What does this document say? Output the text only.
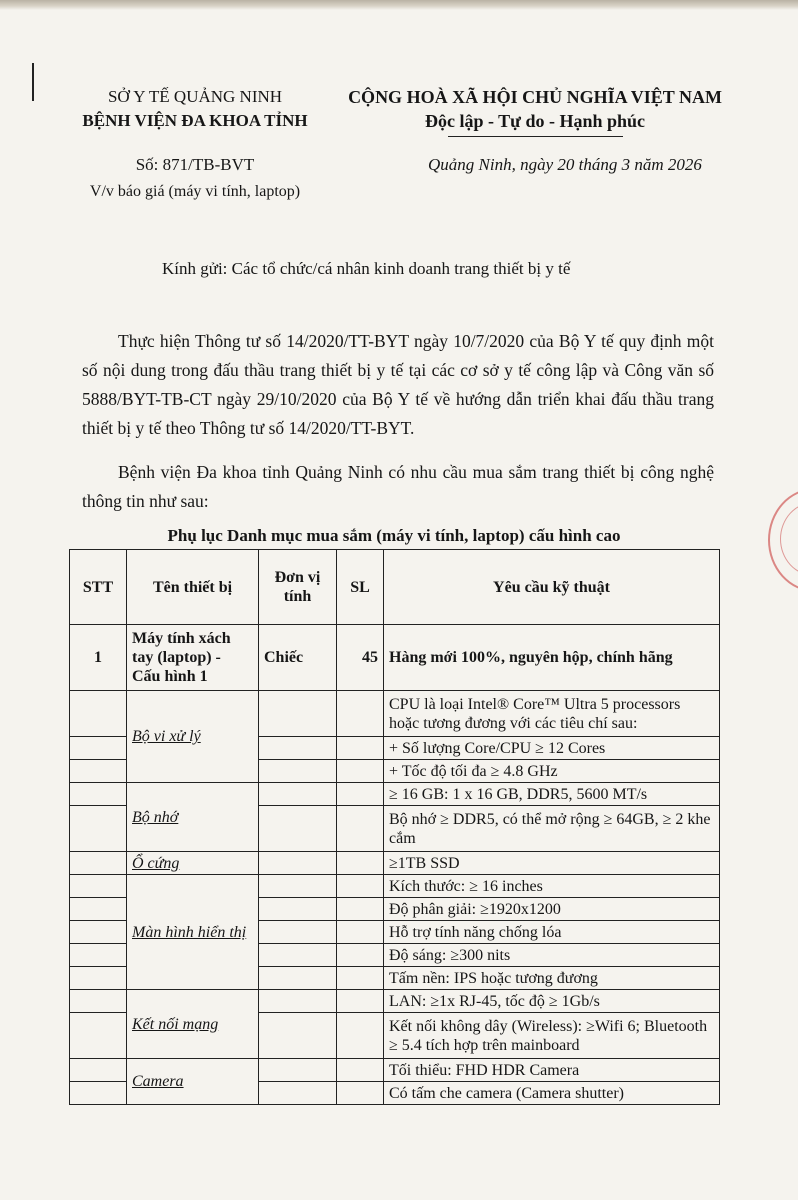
SỞ Y TẾ QUẢNG NINH
BỆNH VIỆN ĐA KHOA TỈNH
CỘNG HOÀ XÃ HỘI CHỦ NGHĨA VIỆT NAM
Độc lập - Tự do - Hạnh phúc
Số: 871/TB-BVT
V/v báo giá (máy vi tính, laptop)
Quảng Ninh, ngày 20 tháng 3 năm 2026
Kính gửi: Các tổ chức/cá nhân kinh doanh trang thiết bị y tế
Thực hiện Thông tư số 14/2020/TT-BYT ngày 10/7/2020 của Bộ Y tế quy định một số nội dung trong đấu thầu trang thiết bị y tế tại các cơ sở y tế công lập và Công văn số 5888/BYT-TB-CT ngày 29/10/2020 của Bộ Y tế về hướng dẫn triển khai đấu thầu trang thiết bị y tế theo Thông tư số 14/2020/TT-BYT.
Bệnh viện Đa khoa tỉnh Quảng Ninh có nhu cầu mua sắm trang thiết bị công nghệ thông tin như sau:
Phụ lục Danh mục mua sắm (máy vi tính, laptop) cấu hình cao
STT	Tên thiết bị	Đơn vị tính	SL	Yêu cầu kỹ thuật
1	Máy tính xách tay (laptop) - Cấu hình 1	Chiếc	45	Hàng mới 100%, nguyên hộp, chính hãng
	Bộ vi xử lý			CPU là loại Intel® Core™ Ultra 5 processors hoặc tương đương với các tiêu chí sau:
				+ Số lượng Core/CPU ≥ 12 Cores
				+ Tốc độ tối đa ≥ 4.8 GHz
	Bộ nhớ			≥ 16 GB: 1 x 16 GB, DDR5, 5600 MT/s
				Bộ nhớ ≥ DDR5, có thể mở rộng ≥ 64GB, ≥ 2 khe cắm
	Ổ cứng			≥1TB SSD
	Màn hình hiển thị			Kích thước: ≥ 16 inches
				Độ phân giải: ≥1920x1200
				Hỗ trợ tính năng chống lóa
				Độ sáng: ≥300 nits
				Tấm nền: IPS hoặc tương đương
	Kết nối mạng			LAN: ≥1x RJ-45, tốc độ ≥ 1Gb/s
				Kết nối không dây (Wireless): ≥Wifi 6; Bluetooth ≥ 5.4 tích hợp trên mainboard
	Camera			Tối thiểu: FHD HDR Camera
				Có tấm che camera (Camera shutter)
